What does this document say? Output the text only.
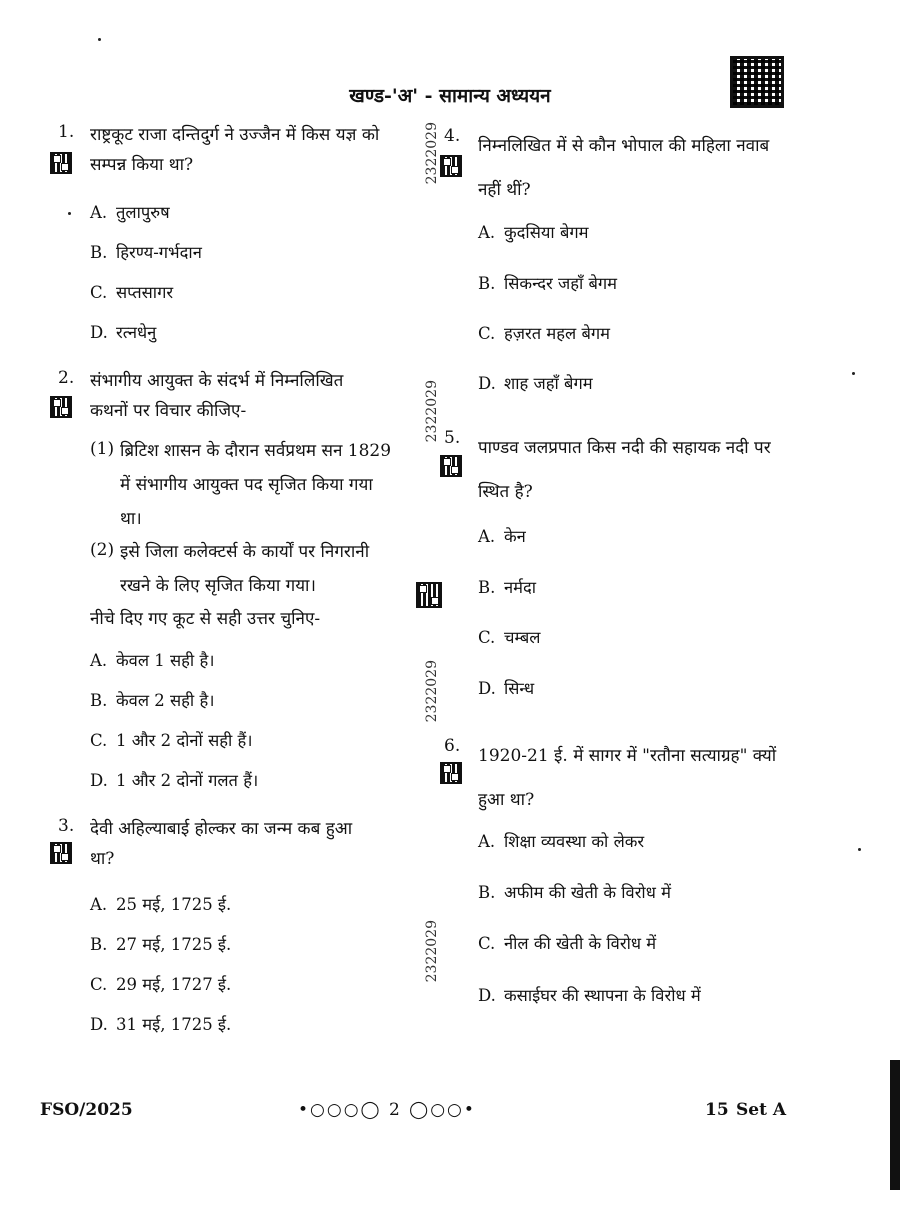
खण्ड-'अ' - सामान्य अध्ययन
1. राष्ट्रकूट राजा दन्तिदुर्ग ने उज्जैन में किस यज्ञ को
सम्पन्न किया था?
A. तुलापुरुष
B. हिरण्य-गर्भदान
C. सप्तसागर
D. रत्नधेनु
2. संभागीय आयुक्त के संदर्भ में निम्नलिखित
कथनों पर विचार कीजिए-
(1) ब्रिटिश शासन के दौरान सर्वप्रथम सन 1829
में संभागीय आयुक्त पद सृजित किया गया
था।
(2) इसे जिला कलेक्टर्स के कार्यों पर निगरानी
रखने के लिए सृजित किया गया।
नीचे दिए गए कूट से सही उत्तर चुनिए-
A. केवल 1 सही है।
B. केवल 2 सही है।
C. 1 और 2 दोनों सही हैं।
D. 1 और 2 दोनों गलत हैं।
3. देवी अहिल्याबाई होल्कर का जन्म कब हुआ
था?
A. 25 मई, 1725 ई.
B. 27 मई, 1725 ई.
C. 29 मई, 1727 ई.
D. 31 मई, 1725 ई.
2322029
2322029
2322029
2322029
4. निम्नलिखित में से कौन भोपाल की महिला नवाब
नहीं थीं?
A. कुदसिया बेगम
B. सिकन्दर जहाँ बेगम
C. हज़रत महल बेगम
D. शाह जहाँ बेगम
5. पाण्डव जलप्रपात किस नदी की सहायक नदी पर
स्थित है?
A. केन
B. नर्मदा
C. चम्बल
D. सिन्ध
6. 1920-21 ई. में सागर में "रतौना सत्याग्रह" क्यों
हुआ था?
A. शिक्षा व्यवस्था को लेकर
B. अफीम की खेती के विरोध में
C. नील की खेती के विरोध में
D. कसाईघर की स्थापना के विरोध में
FSO/2025	•○○○◯ 2 ◯○○•	15 Set A
